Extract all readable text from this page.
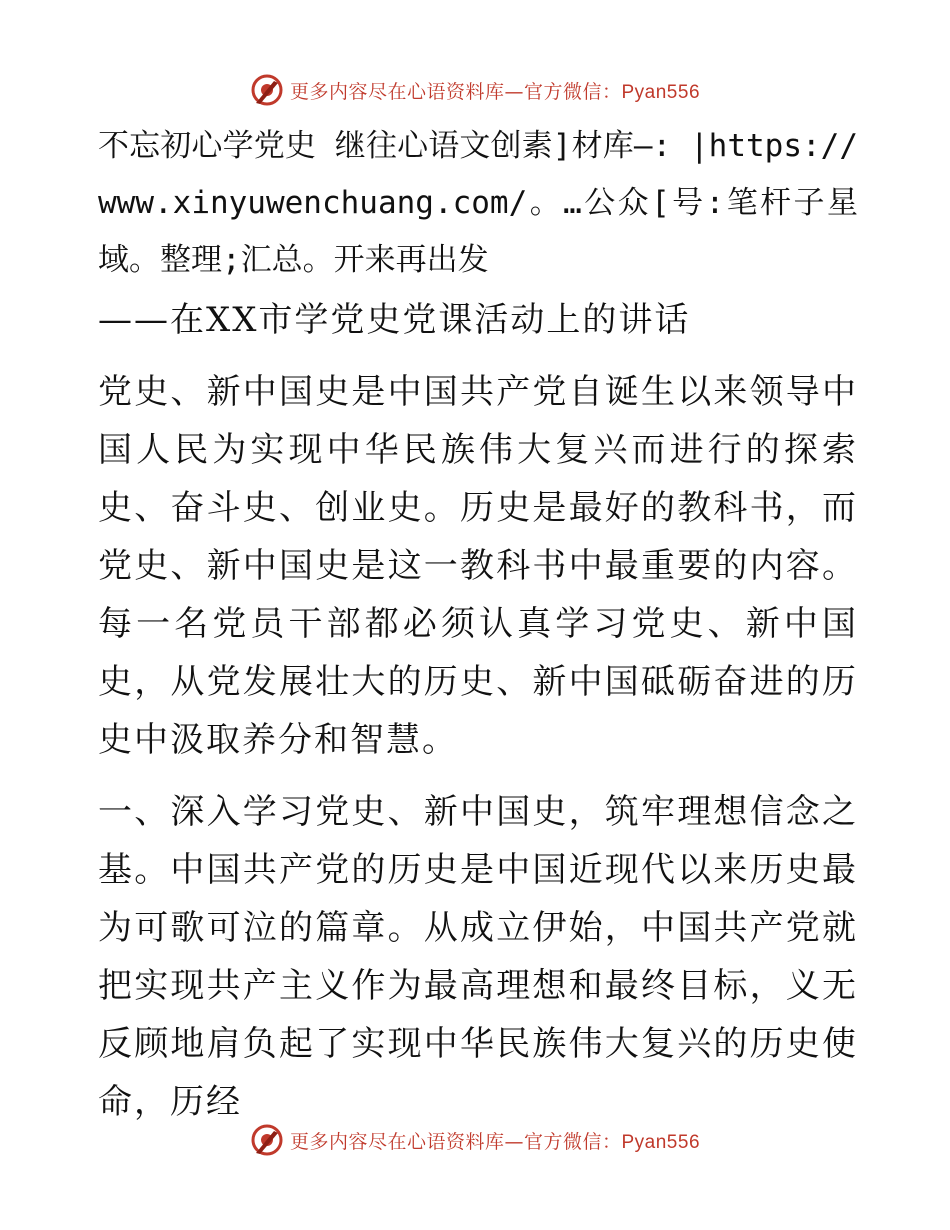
更多内容尽在心语资料库—官方微信：Pyan556

不忘初心学党史 继往心语文创素]材库—: |https://www.xinyuwenchuang.com/。…公众[号:笔杆子星域。整理;汇总。开来再出发

——在XX市学党史党课活动上的讲话

党史、新中国史是中国共产党自诞生以来领导中国人民为实现中华民族伟大复兴而进行的探索史、奋斗史、创业史。历史是最好的教科书，而党史、新中国史是这一教科书中最重要的内容。每一名党员干部都必须认真学习党史、新中国史，从党发展壮大的历史、新中国砥砺奋进的历史中汲取养分和智慧。

一、深入学习党史、新中国史，筑牢理想信念之基。中国共产党的历史是中国近现代以来历史最为可歌可泣的篇章。从成立伊始，中国共产党就把实现共产主义作为最高理想和最终目标，义无反顾地肩负起了实现中华民族伟大复兴的历史使命，历经

更多内容尽在心语资料库—官方微信：Pyan556
